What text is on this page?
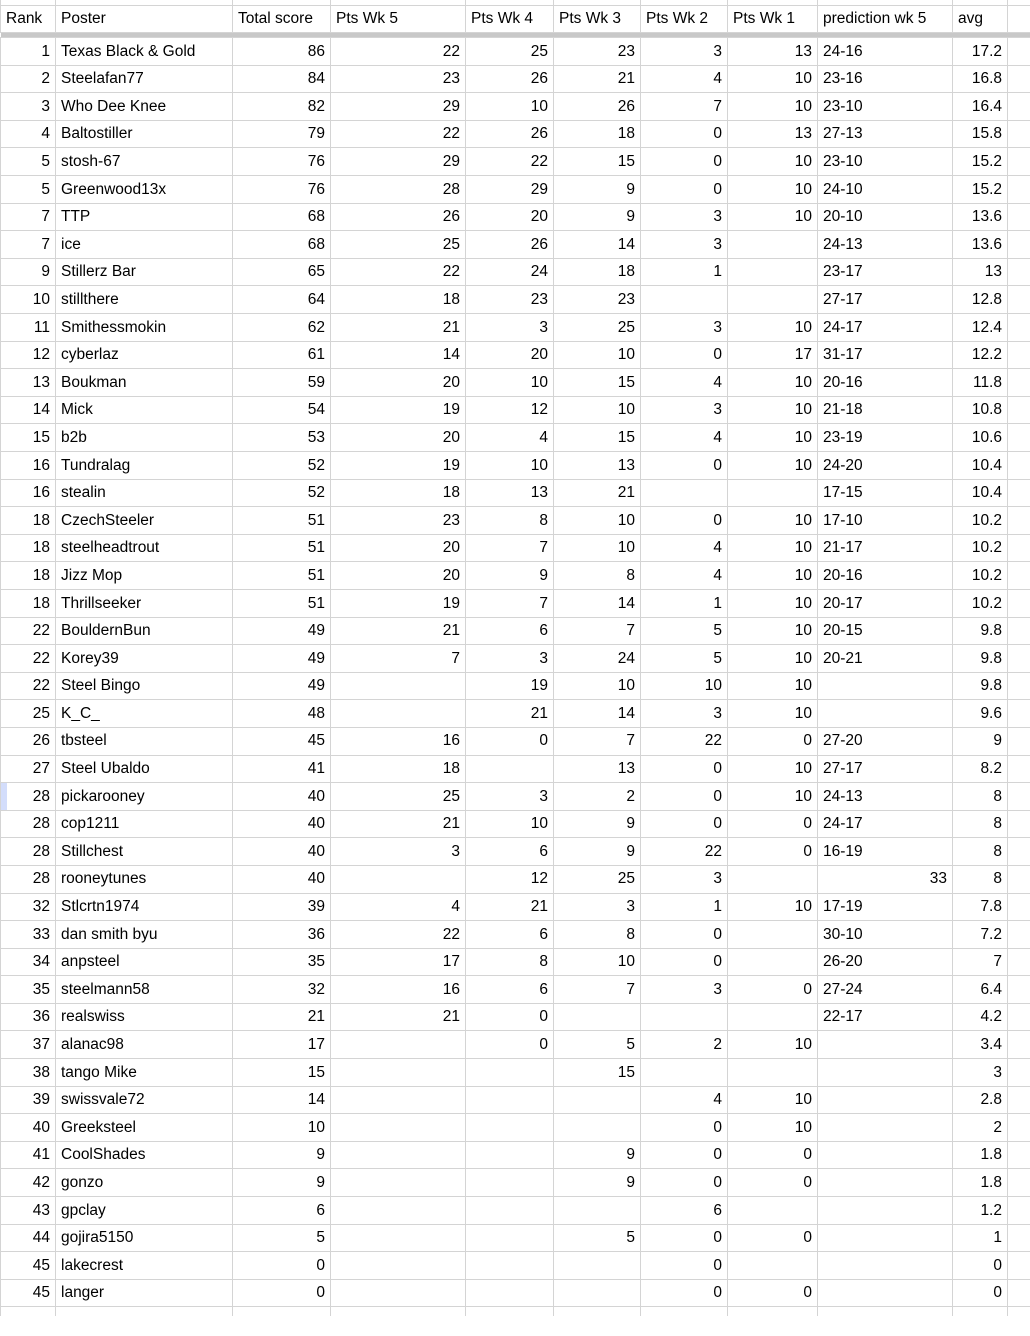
Rank	Poster	Total score	Pts Wk 5	Pts Wk 4	Pts Wk 3	Pts Wk 2	Pts Wk 1	prediction wk 5	avg	

1	Texas Black & Gold	86	22	25	23	3	13	24-16	17.2	
2	Steelafan77	84	23	26	21	4	10	23-16	16.8	
3	Who Dee Knee	82	29	10	26	7	10	23-10	16.4	
4	Baltostiller	79	22	26	18	0	13	27-13	15.8	
5	stosh-67	76	29	22	15	0	10	23-10	15.2	
5	Greenwood13x	76	28	29	9	0	10	24-10	15.2	
7	TTP	68	26	20	9	3	10	20-10	13.6	
7	ice	68	25	26	14	3		24-13	13.6	
9	Stillerz Bar	65	22	24	18	1		23-17	13	
10	stillthere	64	18	23	23			27-17	12.8	
11	Smithessmokin	62	21	3	25	3	10	24-17	12.4	
12	cyberlaz	61	14	20	10	0	17	31-17	12.2	
13	Boukman	59	20	10	15	4	10	20-16	11.8	
14	Mick	54	19	12	10	3	10	21-18	10.8	
15	b2b	53	20	4	15	4	10	23-19	10.6	
16	Tundralag	52	19	10	13	0	10	24-20	10.4	
16	stealin	52	18	13	21			17-15	10.4	
18	CzechSteeler	51	23	8	10	0	10	17-10	10.2	
18	steelheadtrout	51	20	7	10	4	10	21-17	10.2	
18	Jizz Mop	51	20	9	8	4	10	20-16	10.2	
18	Thrillseeker	51	19	7	14	1	10	20-17	10.2	
22	BouldernBun	49	21	6	7	5	10	20-15	9.8	
22	Korey39	49	7	3	24	5	10	20-21	9.8	
22	Steel Bingo	49		19	10	10	10		9.8	
25	K_C_	48		21	14	3	10		9.6	
26	tbsteel	45	16	0	7	22	0	27-20	9	
27	Steel Ubaldo	41	18		13	0	10	27-17	8.2	
28	pickarooney	40	25	3	2	0	10	24-13	8	
28	cop1211	40	21	10	9	0	0	24-17	8	
28	Stillchest	40	3	6	9	22	0	16-19	8	
28	rooneytunes	40		12	25	3		33	8	
32	Stlcrtn1974	39	4	21	3	1	10	17-19	7.8	
33	dan smith byu	36	22	6	8	0		30-10	7.2	
34	anpsteel	35	17	8	10	0		26-20	7	
35	steelmann58	32	16	6	7	3	0	27-24	6.4	
36	realswiss	21	21	0				22-17	4.2	
37	alanac98	17		0	5	2	10		3.4	
38	tango Mike	15			15				3	
39	swissvale72	14				4	10		2.8	
40	Greeksteel	10				0	10		2	
41	CoolShades	9			9	0	0		1.8	
42	gonzo	9			9	0	0		1.8	
43	gpclay	6				6			1.2	
44	gojira5150	5			5	0	0		1	
45	lakecrest	0				0			0	
45	langer	0				0	0		0	
